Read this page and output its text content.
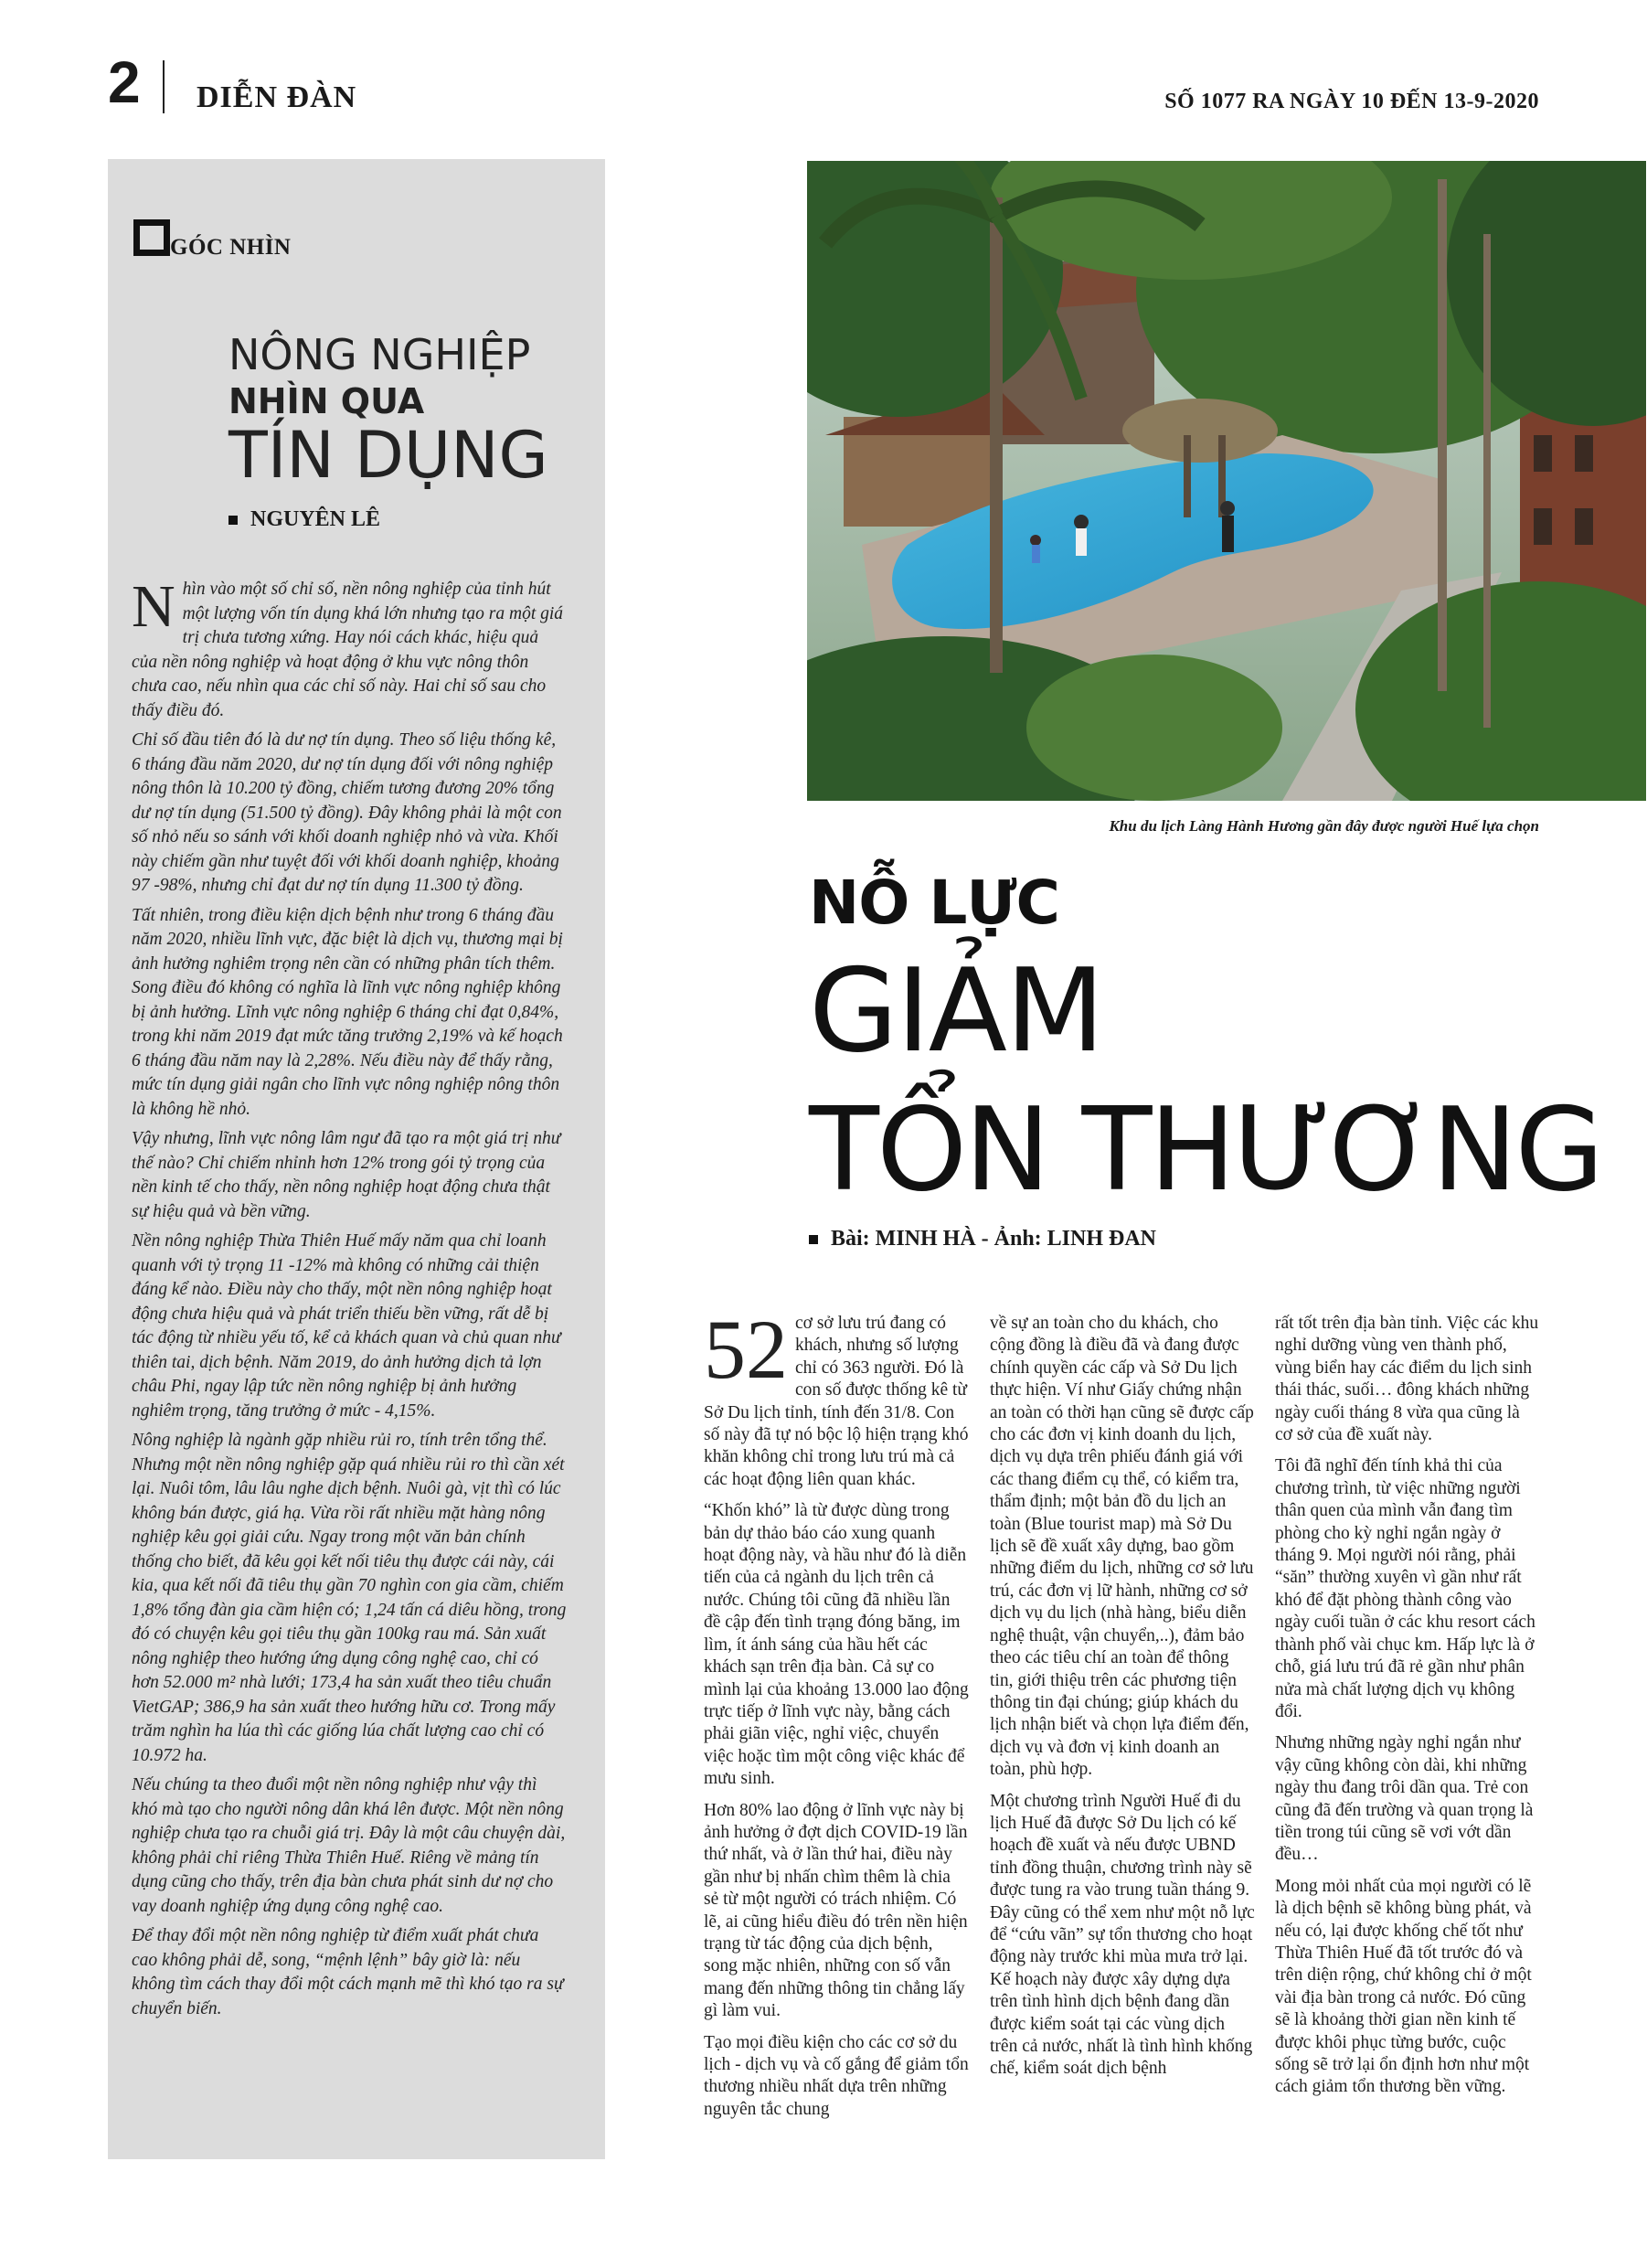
2 DIỄN ĐÀN	SỐ 1077 RA NGÀY 10 ĐẾN 13-9-2020
GÓC NHÌN
NÔNG NGHIỆP
NHÌN QUA
TÍN DỤNG
NGUYÊN LÊ

Nhìn vào một số chỉ số, nền nông nghiệp của tỉnh hút một lượng vốn tín dụng khá lớn nhưng tạo ra một giá trị chưa tương xứng. Hay nói cách khác, hiệu quả của nền nông nghiệp và hoạt động ở khu vực nông thôn chưa cao, nếu nhìn qua các chỉ số này. Hai chỉ số sau cho thấy điều đó.

Chỉ số đầu tiên đó là dư nợ tín dụng. Theo số liệu thống kê, 6 tháng đầu năm 2020, dư nợ tín dụng đối với nông nghiệp nông thôn là 10.200 tỷ đồng, chiếm tương đương 20% tổng dư nợ tín dụng (51.500 tỷ đồng). Đây không phải là một con số nhỏ nếu so sánh với khối doanh nghiệp nhỏ và vừa. Khối này chiếm gần như tuyệt đối với khối doanh nghiệp, khoảng 97 -98%, nhưng chỉ đạt dư nợ tín dụng 11.300 tỷ đồng.

Tất nhiên, trong điều kiện dịch bệnh như trong 6 tháng đầu năm 2020, nhiều lĩnh vực, đặc biệt là dịch vụ, thương mại bị ảnh hưởng nghiêm trọng nên cần có những phân tích thêm. Song điều đó không có nghĩa là lĩnh vực nông nghiệp không bị ảnh hưởng. Lĩnh vực nông nghiệp 6 tháng chỉ đạt 0,84%, trong khi năm 2019 đạt mức tăng trưởng 2,19% và kế hoạch 6 tháng đầu năm nay là 2,28%. Nếu điều này để thấy rằng, mức tín dụng giải ngân cho lĩnh vực nông nghiệp nông thôn là không hề nhỏ.

Vậy nhưng, lĩnh vực nông lâm ngư đã tạo ra một giá trị như thế nào? Chỉ chiếm nhỉnh hơn 12% trong gói tỷ trọng của nền kinh tế cho thấy, nền nông nghiệp hoạt động chưa thật sự hiệu quả và bền vững.

Nền nông nghiệp Thừa Thiên Huế mấy năm qua chỉ loanh quanh với tỷ trọng 11 -12% mà không có những cải thiện đáng kể nào. Điều này cho thấy, một nền nông nghiệp hoạt động chưa hiệu quả và phát triển thiếu bền vững, rất dễ bị tác động từ nhiều yếu tố, kể cả khách quan và chủ quan như thiên tai, dịch bệnh. Năm 2019, do ảnh hưởng dịch tả lợn châu Phi, ngay lập tức nền nông nghiệp bị ảnh hưởng nghiêm trọng, tăng trưởng ở mức - 4,15%.

Nông nghiệp là ngành gặp nhiều rủi ro, tính trên tổng thể. Nhưng một nền nông nghiệp gặp quá nhiều rủi ro thì cần xét lại. Nuôi tôm, lâu lâu nghe dịch bệnh. Nuôi gà, vịt thì có lúc không bán được, giá hạ. Vừa rồi rất nhiều mặt hàng nông nghiệp kêu gọi giải cứu. Ngay trong một văn bản chính thống cho biết, đã kêu gọi kết nối tiêu thụ được cái này, cái kia, qua kết nối đã tiêu thụ gần 70 nghìn con gia cầm, chiếm 1,8% tổng đàn gia cầm hiện có; 1,24 tấn cá diêu hồng, trong đó có chuyện kêu gọi tiêu thụ gần 100kg rau má. Sản xuất nông nghiệp theo hướng ứng dụng công nghệ cao, chỉ có hơn 52.000 m² nhà lưới; 173,4 ha sản xuất theo tiêu chuẩn VietGAP; 386,9 ha sản xuất theo hướng hữu cơ. Trong mấy trăm nghìn ha lúa thì các giống lúa chất lượng cao chỉ có 10.972 ha.

Nếu chúng ta theo đuổi một nền nông nghiệp như vậy thì khó mà tạo cho người nông dân khá lên được. Một nền nông nghiệp chưa tạo ra chuỗi giá trị. Đây là một câu chuyện dài, không phải chỉ riêng Thừa Thiên Huế. Riêng về mảng tín dụng cũng cho thấy, trên địa bàn chưa phát sinh dư nợ cho vay doanh nghiệp ứng dụng công nghệ cao.

Để thay đổi một nền nông nghiệp từ điểm xuất phát chưa cao không phải dễ, song, “mệnh lệnh” bây giờ là: nếu không tìm cách thay đổi một cách mạnh mẽ thì khó tạo ra sự chuyển biến.

Khu du lịch Làng Hành Hương gần đây được người Huế lựa chọn
NỖ LỰC
GIẢM
TỔN THƯƠNG
Bài: MINH HÀ - Ảnh: LINH ĐAN

52 cơ sở lưu trú đang có khách, nhưng số lượng chỉ có 363 người. Đó là con số được thống kê từ Sở Du lịch tỉnh, tính đến 31/8. Con số này đã tự nó bộc lộ hiện trạng khó khăn không chỉ trong lưu trú mà cả các hoạt động liên quan khác.

“Khốn khó” là từ được dùng trong bản dự thảo báo cáo xung quanh hoạt động này, và hầu như đó là diễn tiến của cả ngành du lịch trên cả nước. Chúng tôi cũng đã nhiều lần đề cập đến tình trạng đóng băng, im lìm, ít ánh sáng của hầu hết các khách sạn trên địa bàn. Cả sự co mình lại của khoảng 13.000 lao động trực tiếp ở lĩnh vực này, bằng cách phải giãn việc, nghỉ việc, chuyển việc hoặc tìm một công việc khác để mưu sinh.

Hơn 80% lao động ở lĩnh vực này bị ảnh hưởng ở đợt dịch COVID-19 lần thứ nhất, và ở lần thứ hai, điều này gần như bị nhấn chìm thêm là chia sẻ từ một người có trách nhiệm. Có lẽ, ai cũng hiểu điều đó trên nền hiện trạng từ tác động của dịch bệnh, song mặc nhiên, những con số vẫn mang đến những thông tin chẳng lấy gì làm vui.

Tạo mọi điều kiện cho các cơ sở du lịch - dịch vụ và cố gắng để giảm tổn thương nhiều nhất dựa trên những nguyên tắc chung

về sự an toàn cho du khách, cho cộng đồng là điều đã và đang được chính quyền các cấp và Sở Du lịch thực hiện. Ví như Giấy chứng nhận an toàn có thời hạn cũng sẽ được cấp cho các đơn vị kinh doanh du lịch, dịch vụ dựa trên phiếu đánh giá với các thang điểm cụ thể, có kiểm tra, thẩm định; một bản đồ du lịch an toàn (Blue tourist map) mà Sở Du lịch sẽ đề xuất xây dựng, bao gồm những điểm du lịch, những cơ sở lưu trú, các đơn vị lữ hành, những cơ sở dịch vụ du lịch (nhà hàng, biểu diễn nghệ thuật, vận chuyển,..), đảm bảo theo các tiêu chí an toàn để thông tin, giới thiệu trên các phương tiện thông tin đại chúng; giúp khách du lịch nhận biết và chọn lựa điểm đến, dịch vụ và đơn vị kinh doanh an toàn, phù hợp.

Một chương trình Người Huế đi du lịch Huế đã được Sở Du lịch có kế hoạch đề xuất và nếu được UBND tỉnh đồng thuận, chương trình này sẽ được tung ra vào trung tuần tháng 9. Đây cũng có thể xem như một nỗ lực để “cứu vãn” sự tổn thương cho hoạt động này trước khi mùa mưa trở lại. Kế hoạch này được xây dựng dựa trên tình hình dịch bệnh đang dần được kiểm soát tại các vùng dịch trên cả nước, nhất là tình hình khống chế, kiểm soát dịch bệnh

rất tốt trên địa bàn tỉnh. Việc các khu nghỉ dưỡng vùng ven thành phố, vùng biển hay các điểm du lịch sinh thái thác, suối… đông khách những ngày cuối tháng 8 vừa qua cũng là cơ sở của đề xuất này.

Tôi đã nghĩ đến tính khả thi của chương trình, từ việc những người thân quen của mình vẫn đang tìm phòng cho kỳ nghỉ ngắn ngày ở tháng 9. Mọi người nói rằng, phải “săn” thường xuyên vì gần như rất khó để đặt phòng thành công vào ngày cuối tuần ở các khu resort cách thành phố vài chục km. Hấp lực là ở chỗ, giá lưu trú đã rẻ gần như phân nửa mà chất lượng dịch vụ không đổi.

Nhưng những ngày nghỉ ngắn như vậy cũng không còn dài, khi những ngày thu đang trôi dần qua. Trẻ con cũng đã đến trường và quan trọng là tiền trong túi cũng sẽ vơi vớt dần đều…

Mong mỏi nhất của mọi người có lẽ là dịch bệnh sẽ không bùng phát, và nếu có, lại được khống chế tốt như Thừa Thiên Huế đã tốt trước đó và trên diện rộng, chứ không chỉ ở một vài địa bàn trong cả nước. Đó cũng sẽ là khoảng thời gian nền kinh tế được khôi phục từng bước, cuộc sống sẽ trở lại ổn định hơn như một cách giảm tổn thương bền vững.
